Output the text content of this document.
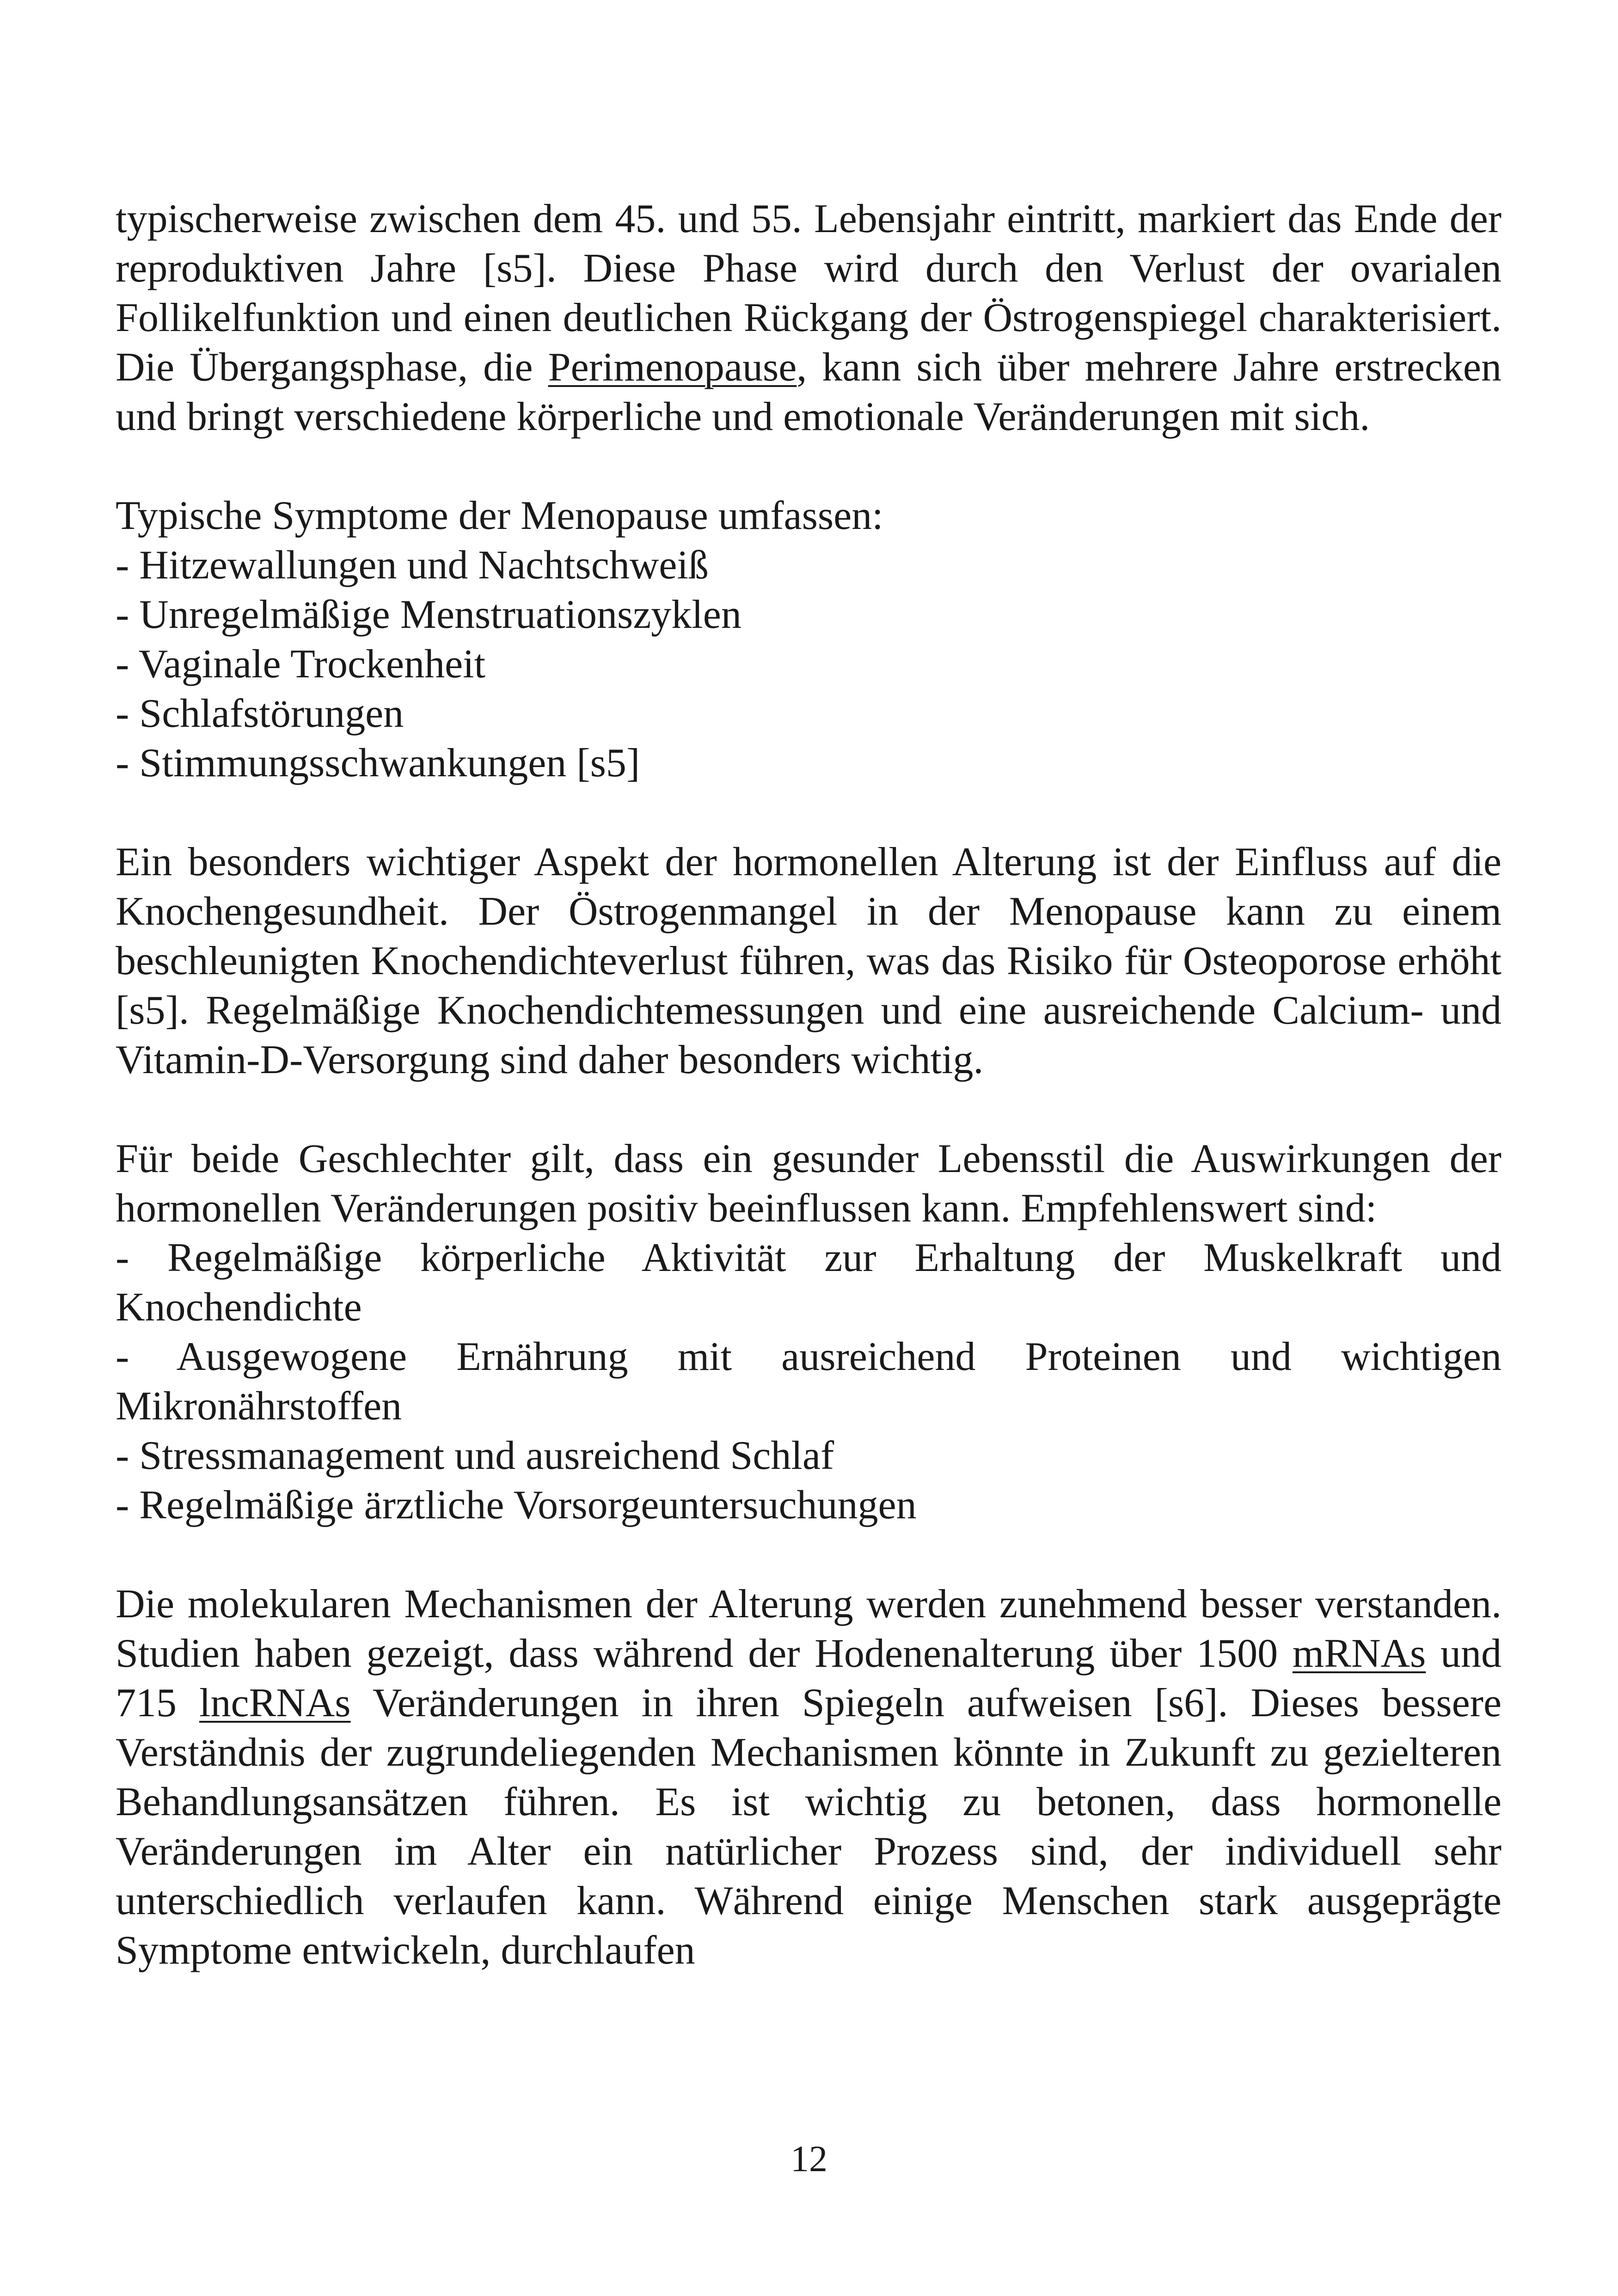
typischerweise zwischen dem 45. und 55. Lebensjahr eintritt, markiert das Ende der reproduktiven Jahre [s5]. Diese Phase wird durch den Verlust der ovarialen Follikelfunktion und einen deutlichen Rückgang der Östrogenspiegel charakterisiert. Die Übergangsphase, die Perimenopause, kann sich über mehrere Jahre erstrecken und bringt verschiedene körperliche und emotionale Veränderungen mit sich.

Typische Symptome der Menopause umfassen:
- Hitzewallungen und Nachtschweiß
- Unregelmäßige Menstruationszyklen
- Vaginale Trockenheit
- Schlafstörungen
- Stimmungsschwankungen [s5]

Ein besonders wichtiger Aspekt der hormonellen Alterung ist der Einfluss auf die Knochengesundheit. Der Östrogenmangel in der Menopause kann zu einem beschleunigten Knochendichteverlust führen, was das Risiko für Osteoporose erhöht [s5]. Regelmäßige Knochendichtemessungen und eine ausreichende Calcium- und Vitamin-D-Versorgung sind daher besonders wichtig.

Für beide Geschlechter gilt, dass ein gesunder Lebensstil die Auswirkungen der hormonellen Veränderungen positiv beeinflussen kann. Empfehlenswert sind:
- Regelmäßige körperliche Aktivität zur Erhaltung der Muskelkraft und Knochendichte
- Ausgewogene Ernährung mit ausreichend Proteinen und wichtigen Mikronährstoffen
- Stressmanagement und ausreichend Schlaf
- Regelmäßige ärztliche Vorsorgeuntersuchungen

Die molekularen Mechanismen der Alterung werden zunehmend besser verstanden. Studien haben gezeigt, dass während der Hodenenalterung über 1500 mRNAs und 715 lncRNAs Veränderungen in ihren Spiegeln aufweisen [s6]. Dieses bessere Verständnis der zugrundeliegenden Mechanismen könnte in Zukunft zu gezielteren Behandlungsansätzen führen. Es ist wichtig zu betonen, dass hormonelle Veränderungen im Alter ein natürlicher Prozess sind, der individuell sehr unterschiedlich verlaufen kann. Während einige Menschen stark ausgeprägte Symptome entwickeln, durchlaufen

12
